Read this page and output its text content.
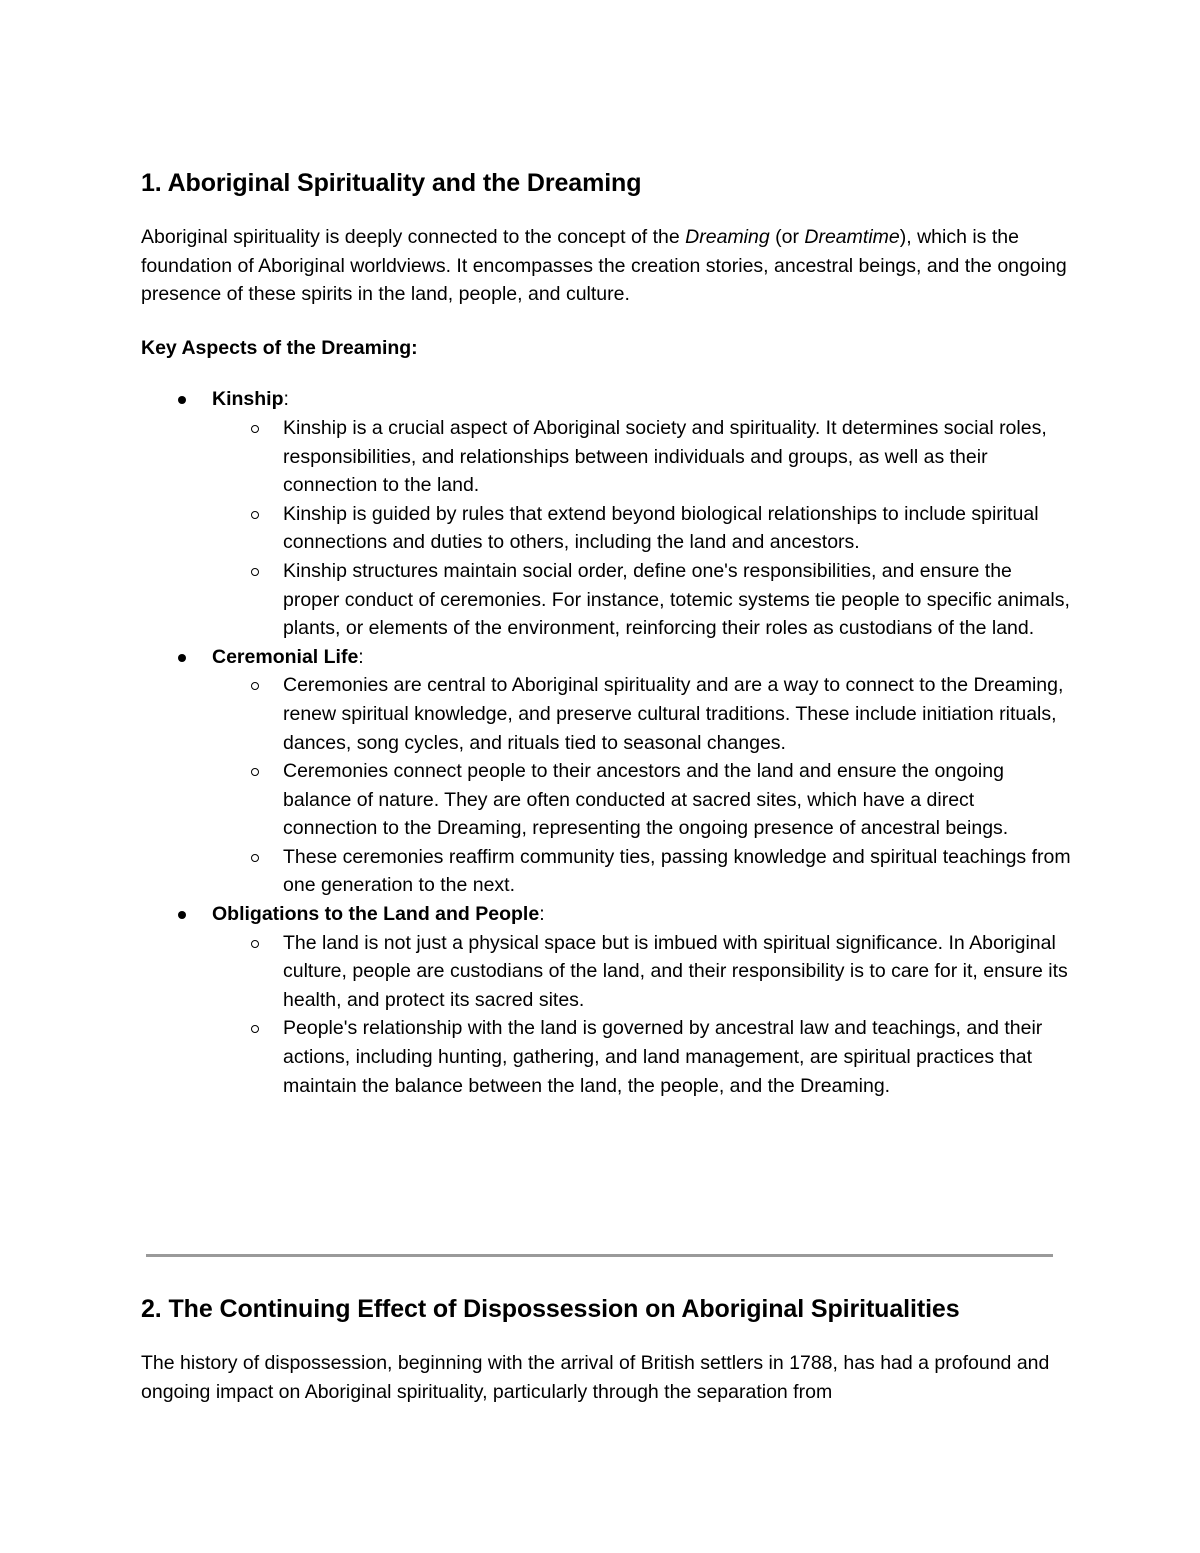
1. Aboriginal Spirituality and the Dreaming

Aboriginal spirituality is deeply connected to the concept of the Dreaming (or Dreamtime), which is the foundation of Aboriginal worldviews. It encompasses the creation stories, ancestral beings, and the ongoing presence of these spirits in the land, people, and culture.

Key Aspects of the Dreaming:

Kinship:
Kinship is a crucial aspect of Aboriginal society and spirituality. It determines social roles, responsibilities, and relationships between individuals and groups, as well as their connection to the land.
Kinship is guided by rules that extend beyond biological relationships to include spiritual connections and duties to others, including the land and ancestors.
Kinship structures maintain social order, define one's responsibilities, and ensure the proper conduct of ceremonies. For instance, totemic systems tie people to specific animals, plants, or elements of the environment, reinforcing their roles as custodians of the land.
Ceremonial Life:
Ceremonies are central to Aboriginal spirituality and are a way to connect to the Dreaming, renew spiritual knowledge, and preserve cultural traditions. These include initiation rituals, dances, song cycles, and rituals tied to seasonal changes.
Ceremonies connect people to their ancestors and the land and ensure the ongoing balance of nature. They are often conducted at sacred sites, which have a direct connection to the Dreaming, representing the ongoing presence of ancestral beings.
These ceremonies reaffirm community ties, passing knowledge and spiritual teachings from one generation to the next.
Obligations to the Land and People:
The land is not just a physical space but is imbued with spiritual significance. In Aboriginal culture, people are custodians of the land, and their responsibility is to care for it, ensure its health, and protect its sacred sites.
People's relationship with the land is governed by ancestral law and teachings, and their actions, including hunting, gathering, and land management, are spiritual practices that maintain the balance between the land, the people, and the Dreaming.
2. The Continuing Effect of Dispossession on Aboriginal Spiritualities

The history of dispossession, beginning with the arrival of British settlers in 1788, has had a profound and ongoing impact on Aboriginal spirituality, particularly through the separation from
